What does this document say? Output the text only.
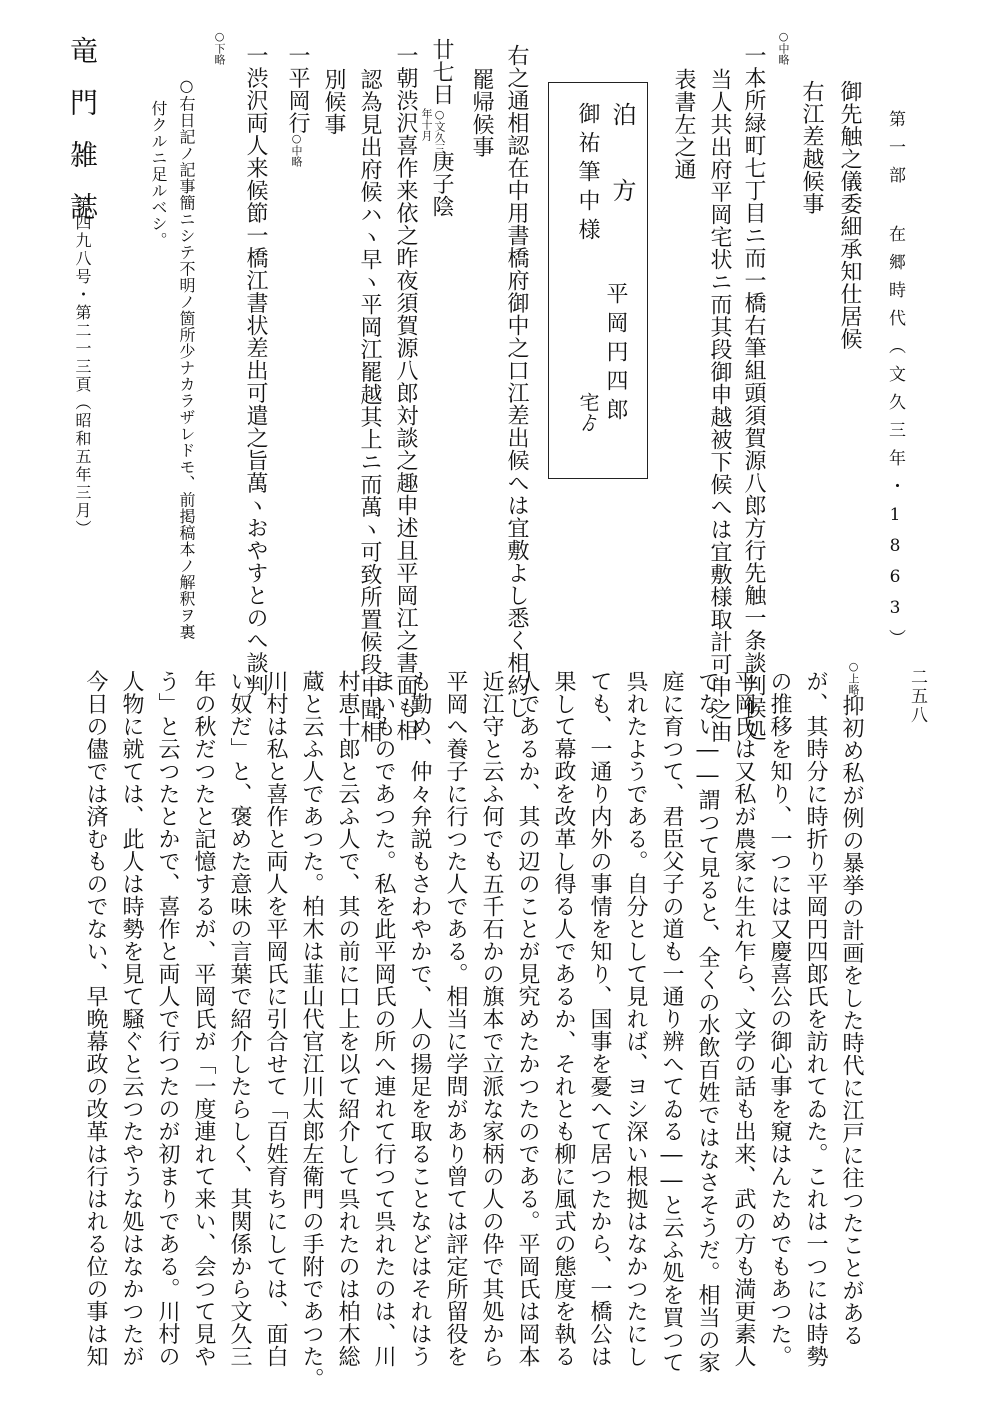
第一部 在郷時代（文久三年・1863）
二五八
御先触之儀委細承知仕居候
右江差越候事
○中略
一本所緑町七丁目ニ而一橋右筆組頭須賀源八郎方行先触一条談判候処
当人共出府平岡宅状ニ而其段御申越被下候へは宜敷様取計可申之由
表書左之通
泊　方
御祐筆中様
平岡円四郎
宅ゟ
右之通相認在中用書橋府御中之口江差出候へは宜敷よし悉く相約し
罷帰候事
廿七日
○文久三
年十月
庚子陰
一朝渋沢喜作来依之昨夜須賀源八郎対談之趣申述且平岡江之書面も相
認為見出府候ハヽ早ヽ平岡江罷越其上ニ而萬ヽ可致所置候段申聞相
別候事
一平岡行
○中略
一渋沢両人来候節一橋江書状差出可遣之旨萬ヽおやすとのへ談判
○下略
○右日記ノ記事簡ニシテ不明ノ箇所少ナカラザレドモ、前掲稿本ノ解釈ヲ裏
付クルニ足ルベシ。
竜門雑誌
第四九八号・第二一三頁（昭和五年三月）
○上略
抑初め私が例の暴挙の計画をした時代に江戸に往つたことがある
が、其時分に時折り平岡円四郎氏を訪れてゐた。これは一つには時勢
の推移を知り、一つには又慶喜公の御心事を窺はんためでもあつた。
平岡氏は又私が農家に生れ乍ら、文学の話も出来、武の方も満更素人
でない――謂つて見ると、全くの水飲百姓ではなさそうだ。相当の家
庭に育つて、君臣父子の道も一通り辨へてゐる――と云ふ処を買つて
呉れたようである。自分として見れば、ヨシ深い根拠はなかつたにし
ても、一通り内外の事情を知り、国事を憂へて居つたから、一橋公は
果して幕政を改革し得る人であるか、それとも柳に風式の態度を執る
人であるか、其の辺のことが見究めたかつたのである。平岡氏は岡本
近江守と云ふ何でも五千石かの旗本で立派な家柄の人の伜で其処から
平岡へ養子に行つた人である。相当に学問があり曾ては評定所留役を
も勤め、仲々弁説もさわやかで、人の揚足を取ることなどはそれはう
まいものであつた。私を此平岡氏の所へ連れて行つて呉れたのは、川
村恵十郎と云ふ人で、其の前に口上を以て紹介して呉れたのは柏木総
蔵と云ふ人であつた。柏木は韮山代官江川太郎左衛門の手附であつた。
川村は私と喜作と両人を平岡氏に引合せて「百姓育ちにしては、面白
い奴だ」と、褒めた意味の言葉で紹介したらしく、其関係から文久三
年の秋だつたと記憶するが、平岡氏が「一度連れて来い、会つて見や
う」と云つたとかで、喜作と両人で行つたのが初まりである。川村の
人物に就ては、此人は時勢を見て騒ぐと云つたやうな処はなかつたが
今日の儘では済むものでない、早晩幕政の改革は行はれる位の事は知
